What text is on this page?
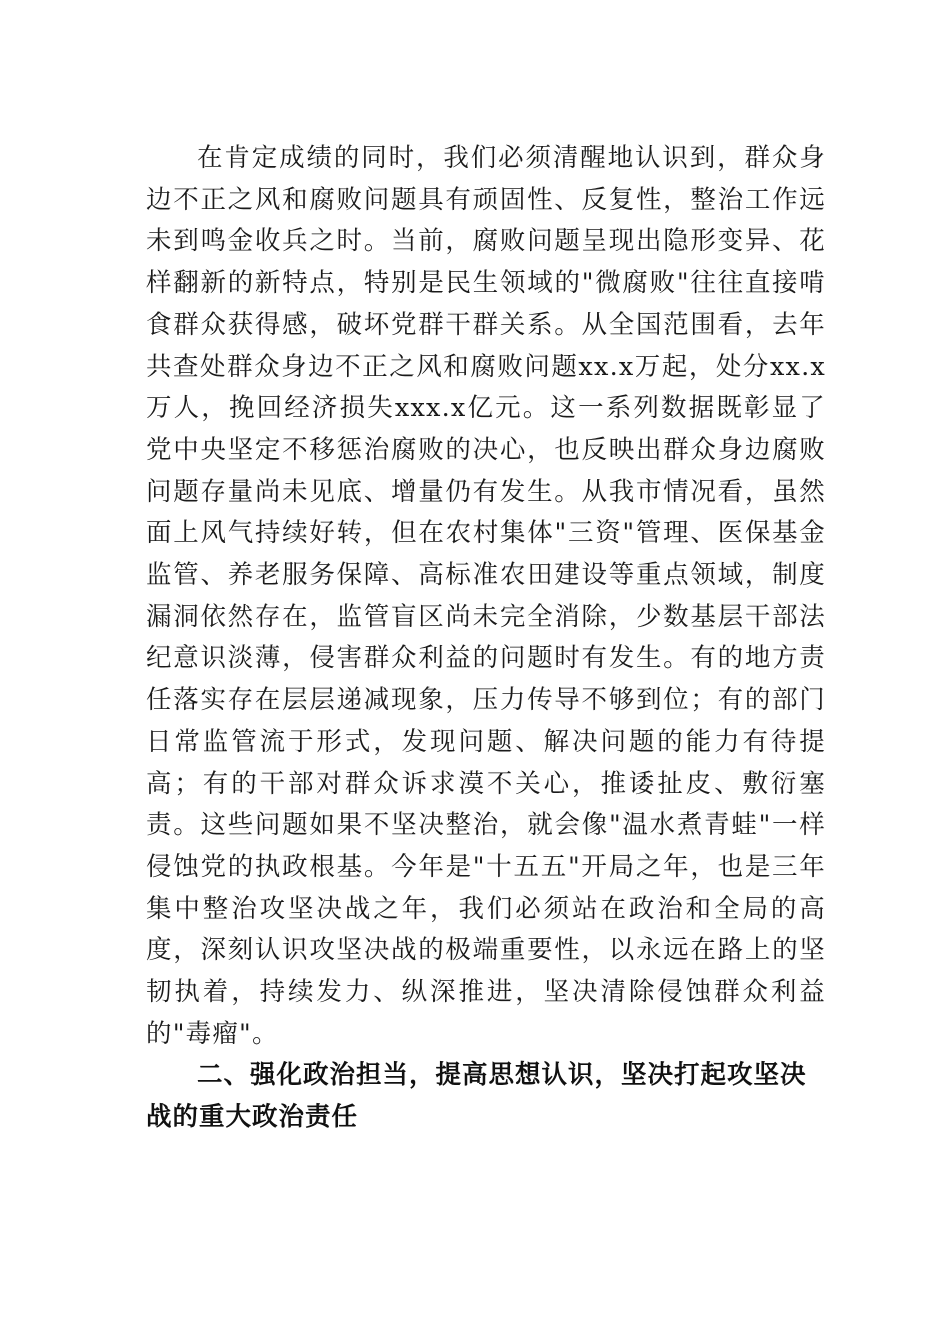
在肯定成绩的同时，我们必须清醒地认识到，群众身边不正之风和腐败问题具有顽固性、反复性，整治工作远未到鸣金收兵之时。当前，腐败问题呈现出隐形变异、花样翻新的新特点，特别是民生领域的"微腐败"往往直接啃食群众获得感，破坏党群干群关系。从全国范围看，去年共查处群众身边不正之风和腐败问题xx.x万起，处分xx.x万人，挽回经济损失xxx.x亿元。这一系列数据既彰显了党中央坚定不移惩治腐败的决心，也反映出群众身边腐败问题存量尚未见底、增量仍有发生。从我市情况看，虽然面上风气持续好转，但在农村集体"三资"管理、医保基金监管、养老服务保障、高标准农田建设等重点领域，制度漏洞依然存在，监管盲区尚未完全消除，少数基层干部法纪意识淡薄，侵害群众利益的问题时有发生。有的地方责任落实存在层层递减现象，压力传导不够到位；有的部门日常监管流于形式，发现问题、解决问题的能力有待提高；有的干部对群众诉求漠不关心，推诿扯皮、敷衍塞责。这些问题如果不坚决整治，就会像"温水煮青蛙"一样侵蚀党的执政根基。今年是"十五五"开局之年，也是三年集中整治攻坚决战之年，我们必须站在政治和全局的高度，深刻认识攻坚决战的极端重要性，以永远在路上的坚韧执着，持续发力、纵深推进，坚决清除侵蚀群众利益的"毒瘤"。

二、强化政治担当，提高思想认识，坚决打起攻坚决战的重大政治责任
